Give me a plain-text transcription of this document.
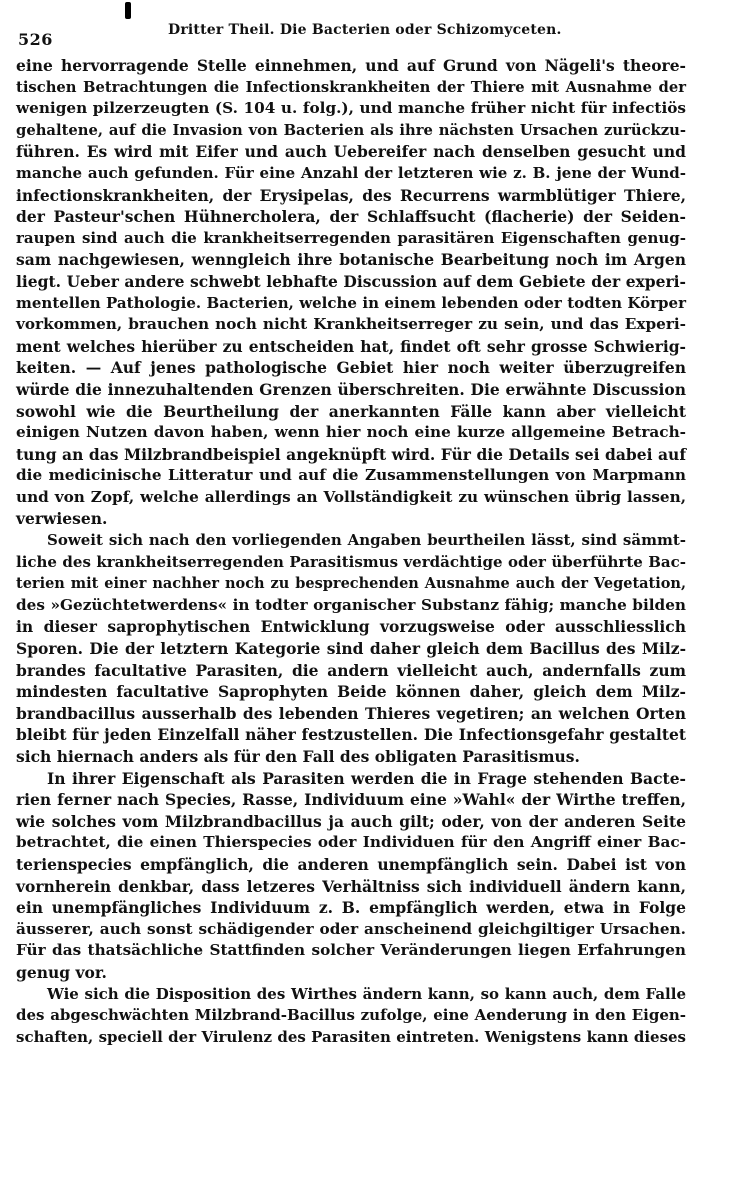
526	Dritter Theil. Die Bacterien oder Schizomyceten.
eine hervorragende Stelle einnehmen, und auf Grund von Nägeli's theore-
tischen Betrachtungen die Infectionskrankheiten der Thiere mit Ausnahme der
wenigen pilzerzeugten (S. 104 u. folg.), und manche früher nicht für infectiös
gehaltene, auf die Invasion von Bacterien als ihre nächsten Ursachen zurückzu-
führen. Es wird mit Eifer und auch Uebereifer nach denselben gesucht und
manche auch gefunden. Für eine Anzahl der letzteren wie z. B. jene der Wund-
infectionskrankheiten, der Erysipelas, des Recurrens warmblütiger Thiere,
der Pasteur'schen Hühnercholera, der Schlaffsucht (flacherie) der Seiden-
raupen sind auch die krankheitserregenden parasitären Eigenschaften genug-
sam nachgewiesen, wenngleich ihre botanische Bearbeitung noch im Argen
liegt. Ueber andere schwebt lebhafte Discussion auf dem Gebiete der experi-
mentellen Pathologie. Bacterien, welche in einem lebenden oder todten Körper
vorkommen, brauchen noch nicht Krankheitserreger zu sein, und das Experi-
ment welches hierüber zu entscheiden hat, findet oft sehr grosse Schwierig-
keiten. — Auf jenes pathologische Gebiet hier noch weiter überzugreifen
würde die innezuhaltenden Grenzen überschreiten. Die erwähnte Discussion
sowohl wie die Beurtheilung der anerkannten Fälle kann aber vielleicht
einigen Nutzen davon haben, wenn hier noch eine kurze allgemeine Betrach-
tung an das Milzbrandbeispiel angeknüpft wird. Für die Details sei dabei auf
die medicinische Litteratur und auf die Zusammenstellungen von Marpmann
und von Zopf, welche allerdings an Vollständigkeit zu wünschen übrig lassen,
verwiesen.
Soweit sich nach den vorliegenden Angaben beurtheilen lässt, sind sämmt-
liche des krankheitserregenden Parasitismus verdächtige oder überführte Bac-
terien mit einer nachher noch zu besprechenden Ausnahme auch der Vegetation,
des »Gezüchtetwerdens« in todter organischer Substanz fähig; manche bilden
in dieser saprophytischen Entwicklung vorzugsweise oder ausschliesslich
Sporen. Die der letztern Kategorie sind daher gleich dem Bacillus des Milz-
brandes facultative Parasiten, die andern vielleicht auch, andernfalls zum
mindesten facultative Saprophyten Beide können daher, gleich dem Milz-
brandbacillus ausserhalb des lebenden Thieres vegetiren; an welchen Orten
bleibt für jeden Einzelfall näher festzustellen. Die Infectionsgefahr gestaltet
sich hiernach anders als für den Fall des obligaten Parasitismus.
In ihrer Eigenschaft als Parasiten werden die in Frage stehenden Bacte-
rien ferner nach Species, Rasse, Individuum eine »Wahl« der Wirthe treffen,
wie solches vom Milzbrandbacillus ja auch gilt; oder, von der anderen Seite
betrachtet, die einen Thierspecies oder Individuen für den Angriff einer Bac-
terienspecies empfänglich, die anderen unempfänglich sein. Dabei ist von
vornherein denkbar, dass letzeres Verhältniss sich individuell ändern kann,
ein unempfängliches Individuum z. B. empfänglich werden, etwa in Folge
äusserer, auch sonst schädigender oder anscheinend gleichgiltiger Ursachen.
Für das thatsächliche Stattfinden solcher Veränderungen liegen Erfahrungen
genug vor.
Wie sich die Disposition des Wirthes ändern kann, so kann auch, dem Falle
des abgeschwächten Milzbrand-Bacillus zufolge, eine Aenderung in den Eigen-
schaften, speciell der Virulenz des Parasiten eintreten. Wenigstens kann dieses
